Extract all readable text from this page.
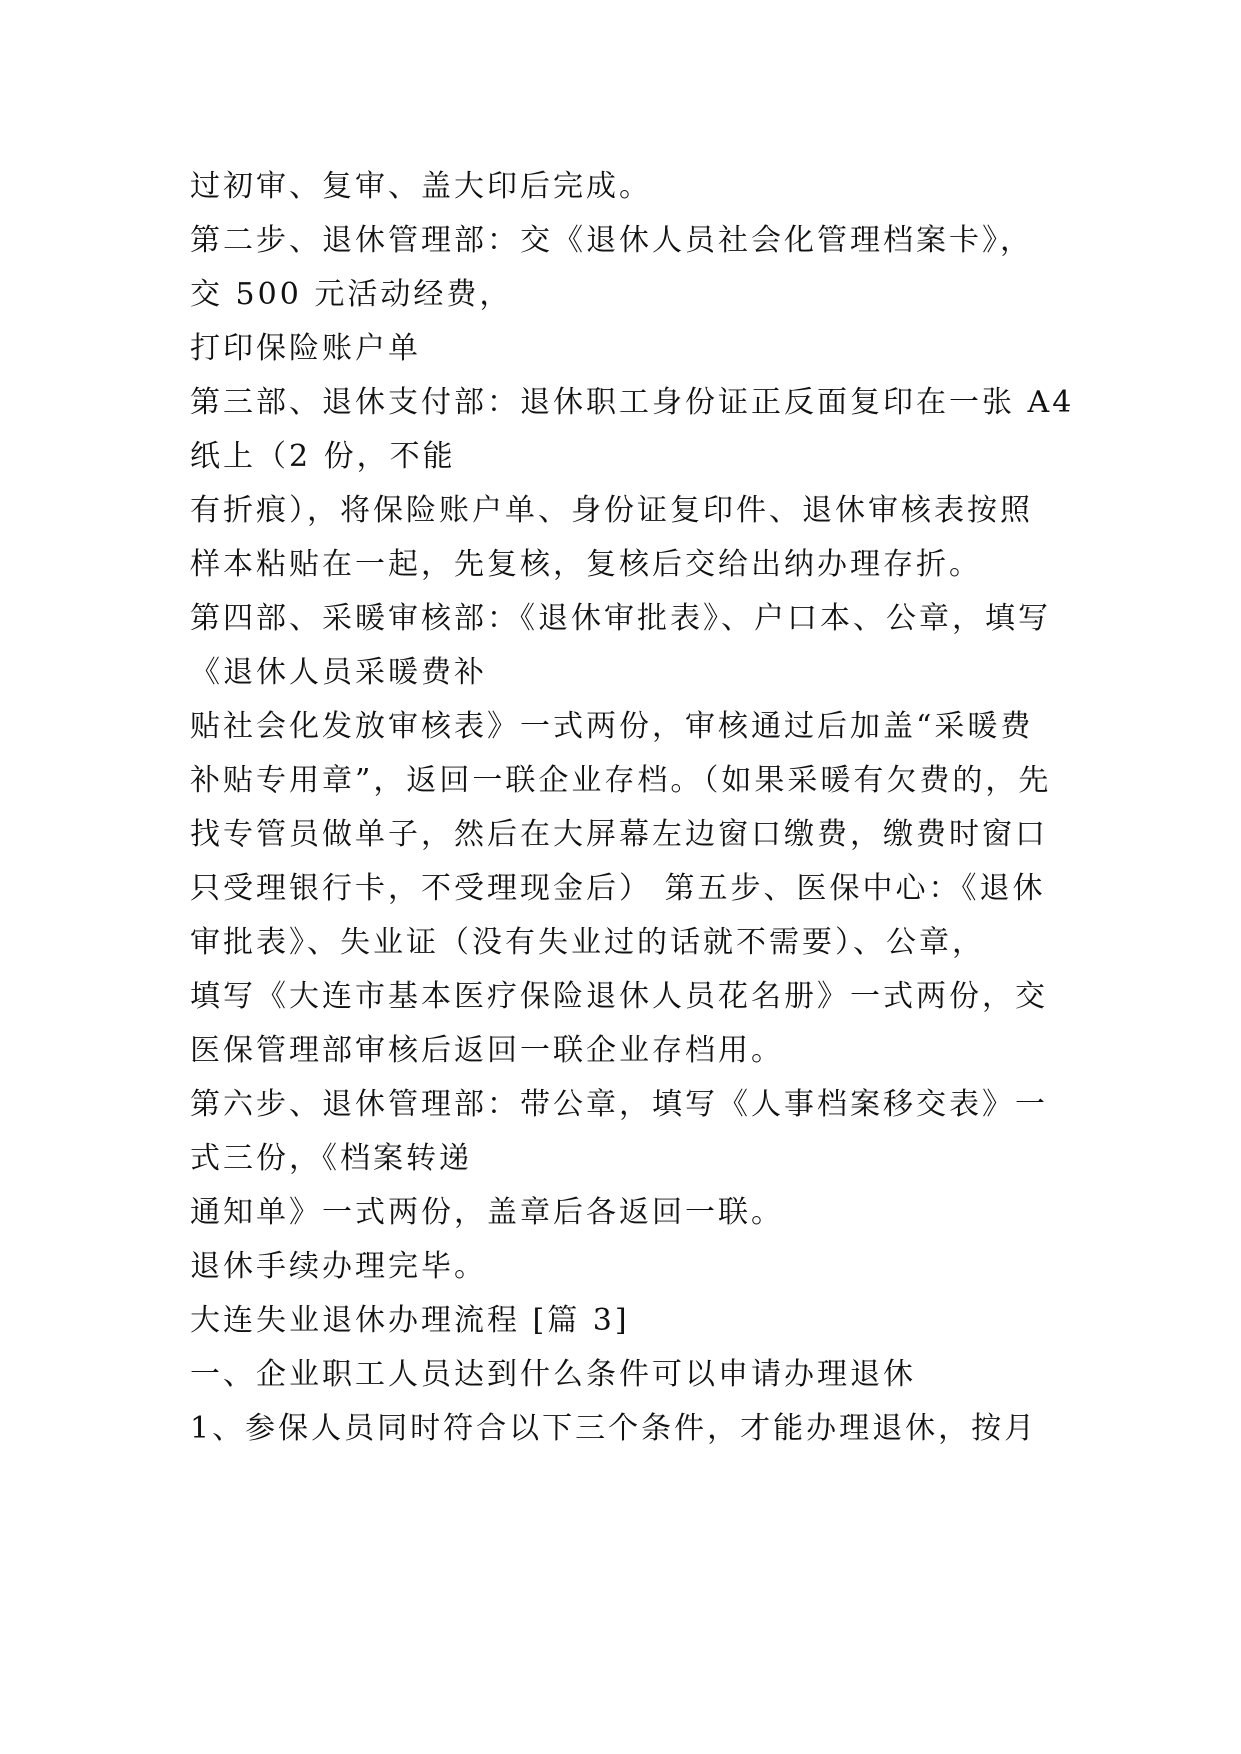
过初审、复审、盖大印后完成。
第二步、退休管理部：交《退休人员社会化管理档案卡》，
交 500 元活动经费，
打印保险账户单
第三部、退休支付部：退休职工身份证正反面复印在一张 A4
纸上（2 份，不能
有折痕），将保险账户单、身份证复印件、退休审核表按照
样本粘贴在一起，先复核，复核后交给出纳办理存折。
第四部、采暖审核部：《退休审批表》、户口本、公章，填写
《退休人员采暖费补
贴社会化发放审核表》一式两份，审核通过后加盖“采暖费
补贴专用章”，返回一联企业存档。（如果采暖有欠费的，先
找专管员做单子，然后在大屏幕左边窗口缴费，缴费时窗口
只受理银行卡，不受理现金后） 第五步、医保中心：《退休
审批表》、失业证（没有失业过的话就不需要）、公章，
填写《大连市基本医疗保险退休人员花名册》一式两份，交
医保管理部审核后返回一联企业存档用。
第六步、退休管理部：带公章，填写《人事档案移交表》一
式三份，《档案转递
通知单》一式两份，盖章后各返回一联。
退休手续办理完毕。
大连失业退休办理流程 [篇 3]
一、企业职工人员达到什么条件可以申请办理退休
1、参保人员同时符合以下三个条件，才能办理退休，按月
